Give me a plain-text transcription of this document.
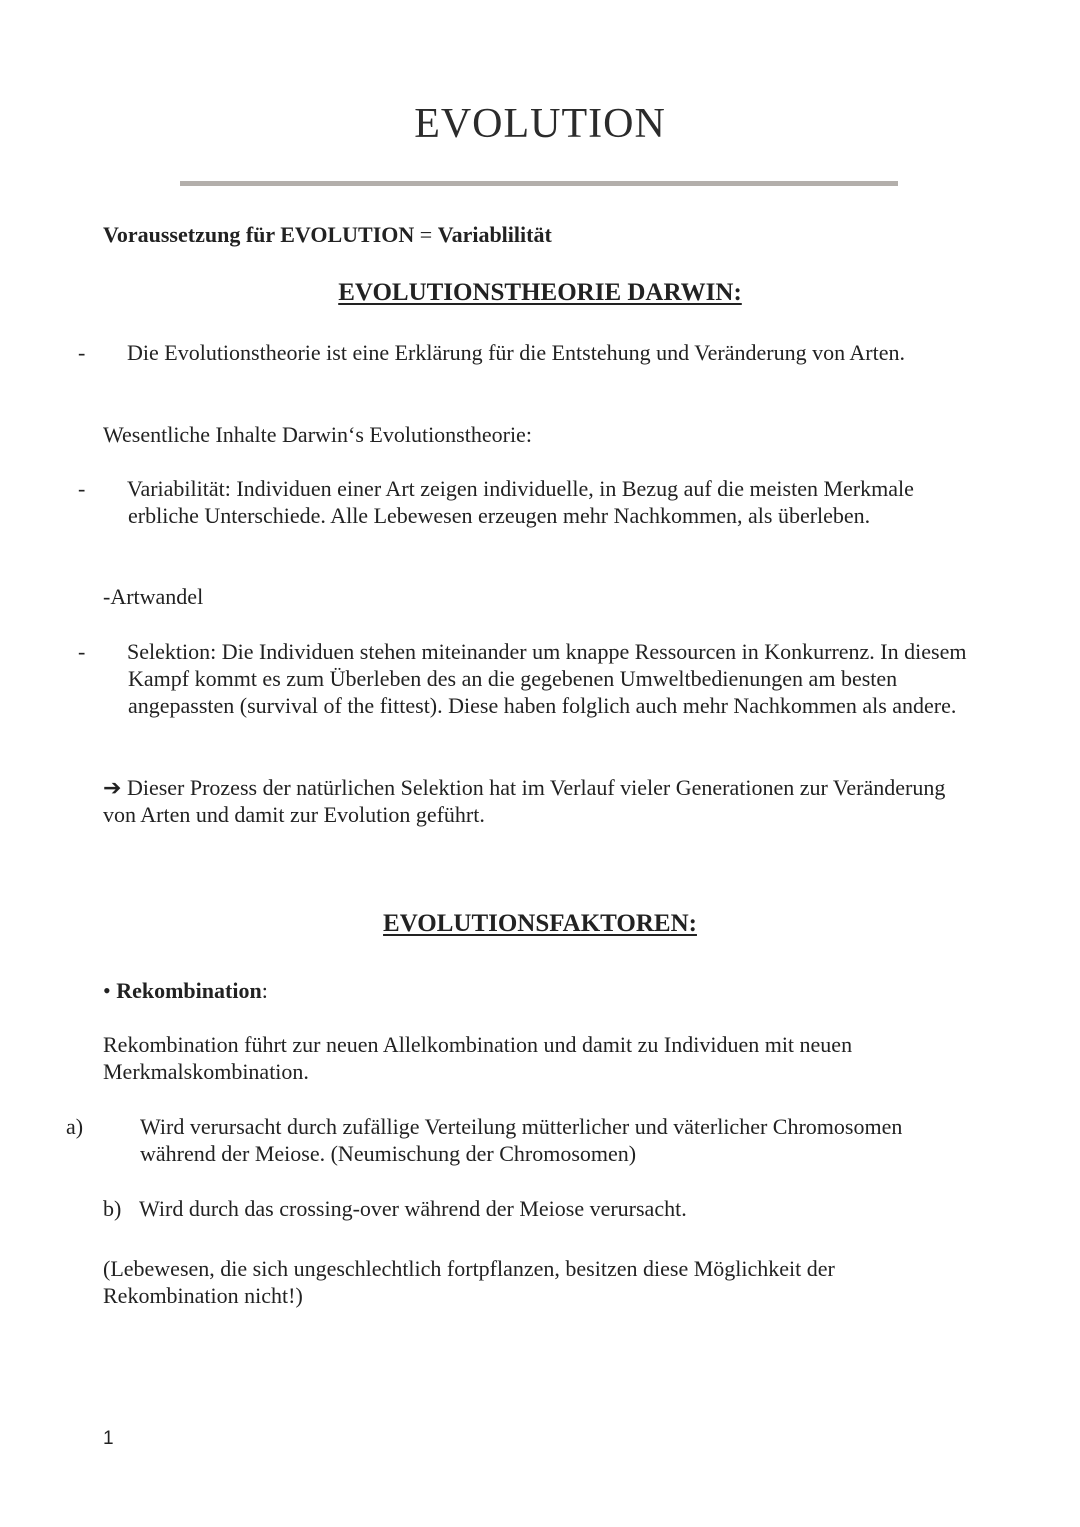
EVOLUTION

Voraussetzung für EVOLUTION = Variablilität

EVOLUTIONSTHEORIE DARWIN:

- Die Evolutionstheorie ist eine Erklärung für die Entstehung und Veränderung von Arten.

Wesentliche Inhalte Darwin‘s Evolutionstheorie:

- Variabilität: Individuen einer Art zeigen individuelle, in Bezug auf die meisten Merkmale erbliche Unterschiede. Alle Lebewesen erzeugen mehr Nachkommen, als überleben.

-Artwandel

- Selektion: Die Individuen stehen miteinander um knappe Ressourcen in Konkurrenz. In diesem Kampf kommt es zum Überleben des an die gegebenen Umweltbedienungen am besten angepassten (survival of the fittest). Diese haben folglich auch mehr Nachkommen als andere.

➔ Dieser Prozess der natürlichen Selektion hat im Verlauf vieler Generationen zur Veränderung von Arten und damit zur Evolution geführt.

EVOLUTIONSFAKTOREN:

• Rekombination:

Rekombination führt zur neuen Allelkombination und damit zu Individuen mit neuen Merkmalskombination.

a)	Wird verursacht durch zufällige Verteilung mütterlicher und väterlicher Chromosomen während der Meiose. (Neumischung der Chromosomen)

b) Wird durch das crossing-over während der Meiose verursacht.

(Lebewesen, die sich ungeschlechtlich fortpflanzen, besitzen diese Möglichkeit der Rekombination nicht!)

1
